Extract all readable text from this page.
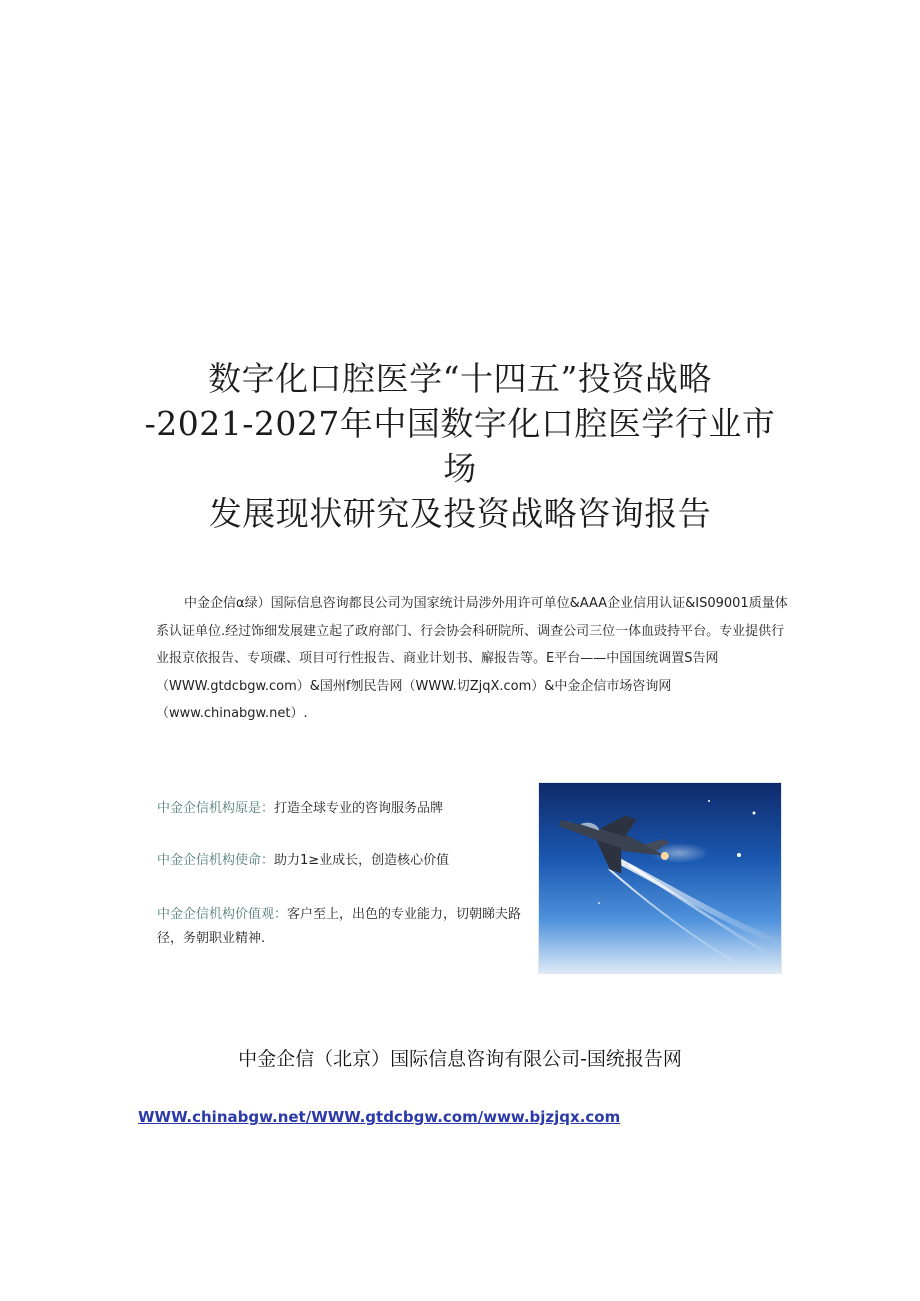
数字化口腔医学“十四五”投资战略
-2021-2027年中国数字化口腔医学行业市
场
发展现状研究及投资战略咨询报告

中金企信α绿）国际信息咨询都艮公司为国家统计局涉外用许可单位&AAA企业信用认证&IS09001质量体系认证单位.经过饰细发展建立起了政府部门、行会协会科研院所、调查公司三位一体血豉持平台。专业提供行业报京依报告、专项碟、项目可行性报告、商业计划书、廨报告等。E平台——中国国统调置S告网（WWW.gtdcbgw.com）&国州f刎民告网（WWW.切ZjqX.com）&中金企信市场咨询网（www.chinabgw.net）.

中金企信机构原是：打造全球专业的咨询服务品牌
中金企信机构使命：助力1≥业成长，创造核心价值
中金企信机构价值观：客户至上，出色的专业能力，切朝睇夫路径，务朝职业精神.
中金企信（北京）国际信息咨询有限公司-国统报告网
WWW.chinabgw.net/WWW.gtdcbgw.com/www.bjzjqx.com
